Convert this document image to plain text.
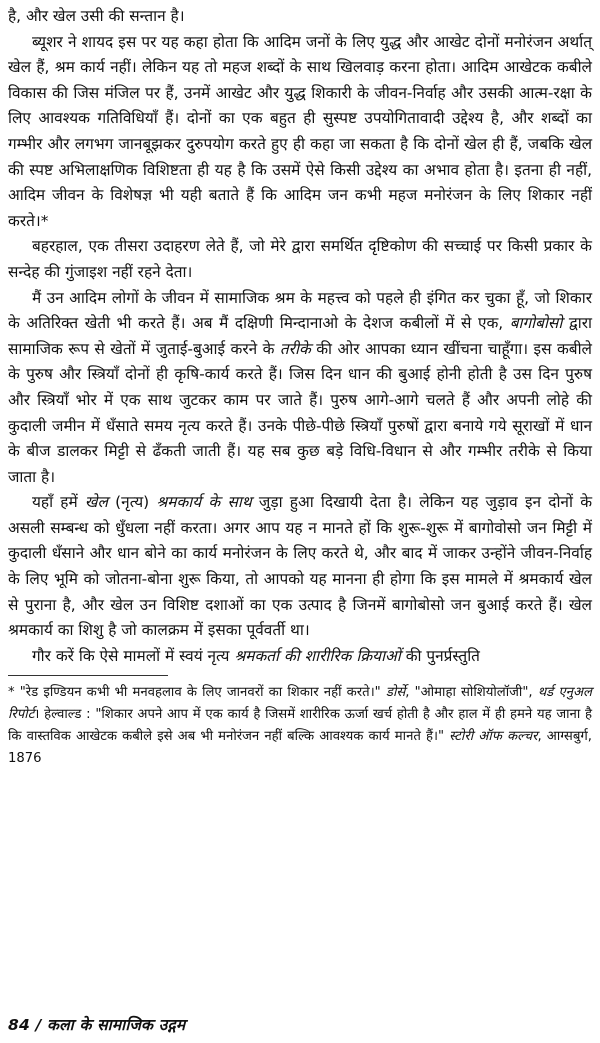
है, और खेल उसी की सन्तान है।

ब्यूशर ने शायद इस पर यह कहा होता कि आदिम जनों के लिए युद्ध और आखेट दोनों मनोरंजन अर्थात् खेल हैं, श्रम कार्य नहीं। लेकिन यह तो महज शब्दों के साथ खिलवाड़ करना होता। आदिम आखेटक कबीले विकास की जिस मंजिल पर हैं, उनमें आखेट और युद्ध शिकारी के जीवन-निर्वाह और उसकी आत्म-रक्षा के लिए आवश्यक गतिविधियाँ हैं। दोनों का एक बहुत ही सुस्पष्ट उपयोगितावादी उद्देश्य है, और शब्दों का गम्भीर और लगभग जानबूझकर दुरुपयोग करते हुए ही कहा जा सकता है कि दोनों खेल ही हैं, जबकि खेल की स्पष्ट अभिलाक्षणिक विशिष्टता ही यह है कि उसमें ऐसे किसी उद्देश्य का अभाव होता है। इतना ही नहीं, आदिम जीवन के विशेषज्ञ भी यही बताते हैं कि आदिम जन कभी महज मनोरंजन के लिए शिकार नहीं करते।*

बहरहाल, एक तीसरा उदाहरण लेते हैं, जो मेरे द्वारा समर्थित दृष्टिकोण की सच्चाई पर किसी प्रकार के सन्देह की गुंजाइश नहीं रहने देता।

मैं उन आदिम लोगों के जीवन में सामाजिक श्रम के महत्त्व को पहले ही इंगित कर चुका हूँ, जो शिकार के अतिरिक्त खेती भी करते हैं। अब मैं दक्षिणी मिन्दानाओ के देशज कबीलों में से एक, बागोबोसो द्वारा सामाजिक रूप से खेतों में जुताई-बुआई करने के तरीके की ओर आपका ध्यान खींचना चाहूँगा। इस कबीले के पुरुष और स्त्रियाँ दोनों ही कृषि-कार्य करते हैं। जिस दिन धान की बुआई होनी होती है उस दिन पुरुष और स्त्रियाँ भोर में एक साथ जुटकर काम पर जाते हैं। पुरुष आगे-आगे चलते हैं और अपनी लोहे की कुदाली जमीन में धँसाते समय नृत्य करते हैं। उनके पीछे-पीछे स्त्रियाँ पुरुषों द्वारा बनाये गये सूराखों में धान के बीज डालकर मिट्टी से ढँकती जाती हैं। यह सब कुछ बड़े विधि-विधान से और गम्भीर तरीके से किया जाता है।

यहाँ हमें खेल (नृत्य) श्रमकार्य के साथ जुड़ा हुआ दिखायी देता है। लेकिन यह जुड़ाव इन दोनों के असली सम्बन्ध को धुँधला नहीं करता। अगर आप यह न मानते हों कि शुरू-शुरू में बागोवोसो जन मिट्टी में कुदाली धँसाने और धान बोने का कार्य मनोरंजन के लिए करते थे, और बाद में जाकर उन्होंने जीवन-निर्वाह के लिए भूमि को जोतना-बोना शुरू किया, तो आपको यह मानना ही होगा कि इस मामले में श्रमकार्य खेल से पुराना है, और खेल उन विशिष्ट दशाओं का एक उत्पाद है जिनमें बागोबोसो जन बुआई करते हैं। खेल श्रमकार्य का शिशु है जो कालक्रम में इसका पूर्ववर्ती था।

गौर करें कि ऐसे मामलों में स्वयं नृत्य श्रमकर्ता की शारीरिक क्रियाओं की पुनर्प्रस्तुति

* "रेड इण्डियन कभी भी मनवहलाव के लिए जानवरों का शिकार नहीं करते।" डोर्से, "ओमाहा सोशियोलॉजी", थर्ड एनुअल रिपोर्ट। हेल्वाल्ड : "शिकार अपने आप में एक कार्य है जिसमें शारीरिक ऊर्जा खर्च होती है और हाल में ही हमने यह जाना है कि वास्तविक आखेटक कबीले इसे अब भी मनोरंजन नहीं बल्कि आवश्यक कार्य मानते हैं।" स्टोरी ऑफ कल्चर, आग्सबुर्ग, 1876

84 / कला के सामाजिक उद्गम
